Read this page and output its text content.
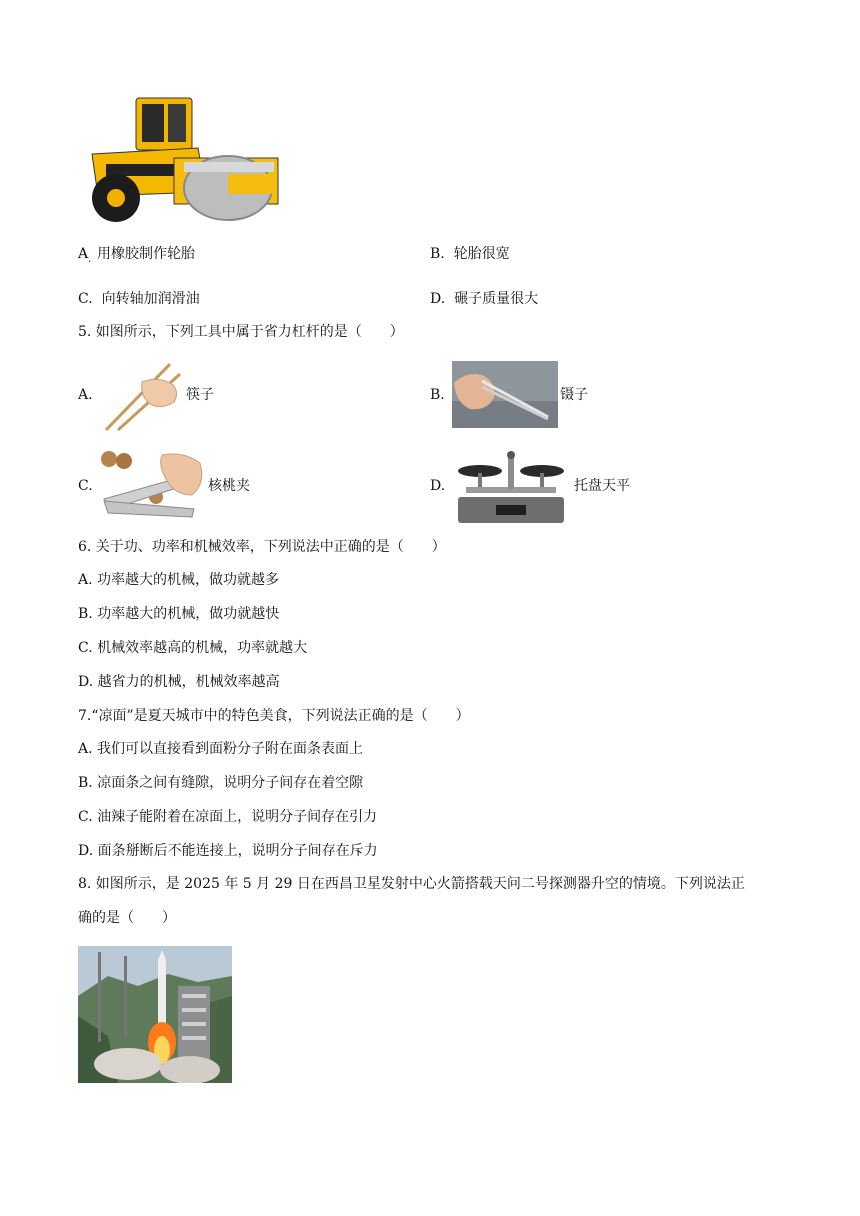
A 用橡胶制作轮胎
·
B. 轮胎很宽
C. 向转轴加润滑油	D. 碾子质量很大
5. 如图所示，下列工具中属于省力杠杆的是（　　）
A.	筷子	B.	镊子
C.	核桃夹	D.	托盘天平
6. 关于功、功率和机械效率，下列说法中正确的是（　　）
A. 功率越大的机械，做功就越多
B. 功率越大的机械，做功就越快
C. 机械效率越高的机械，功率就越大
D. 越省力的机械，机械效率越高
7.“凉面”是夏天城市中的特色美食，下列说法正确的是（　　）
A. 我们可以直接看到面粉分子附在面条表面上
B. 凉面条之间有缝隙，说明分子间存在着空隙
C. 油辣子能附着在凉面上，说明分子间存在引力
D. 面条掰断后不能连接上，说明分子间存在斥力
8. 如图所示，是 2025 年 5 月 29 日在西昌卫星发射中心火箭搭载天问二号探测器升空的情境。下列说法正
确的是（　　）
